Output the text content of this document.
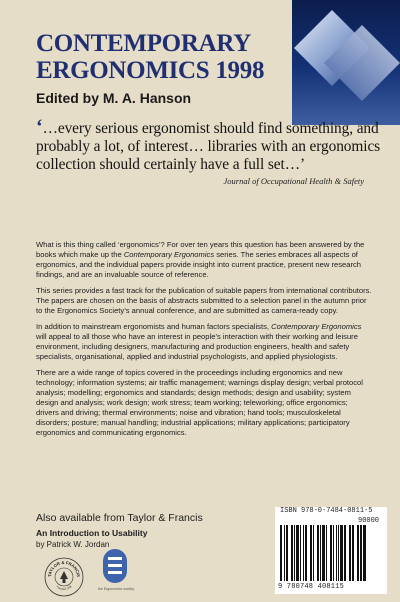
CONTEMPORARY
ERGONOMICS 1998
Edited by M. A. Hanson
‘…every serious ergonomist should find something, and probably a lot, of interest… libraries with an ergonomics collection should certainly have a full set…’
Journal of Occupational Health & Safety

What is this thing called ‘ergonomics’? For over ten years this question has been answered by the books which make up the Contemporary Ergonomics series. The series embraces all aspects of ergonomics, and the individual papers provide insight into current practice, present new research findings, and are an invaluable source of reference.

This series provides a fast track for the publication of suitable papers from international contributors. The papers are chosen on the basis of abstracts submitted to a selection panel in the autumn prior to the Ergonomics Society’s annual conference, and are submitted as camera-ready copy.

In addition to mainstream ergonomists and human factors specialists, Contemporary Ergonomics will appeal to all those who have an interest in people’s interaction with their working and leisure environment, including designers, manufacturing and production engineers, health and safety specialists, organisational, applied and industrial psychologists, and applied physiologists.

There are a wide range of topics covered in the proceedings including ergonomics and new technology; information systems; air traffic management; warnings display design; verbal protocol analysis; modelling; ergonomics and standards; design methods; design and usability; system design and analysis; work design; work stress; team working; teleworking; office ergonomics; drivers and driving; thermal environments; noise and vibration; hand tools; musculoskeletal disorders; posture; manual handling; industrial applications; military applications; participatory ergonomics and communicating ergonomics.

Also available from Taylor & Francis
An Introduction to Usability
by Patrick W. Jordan
TAYLOR & FRANCIS
Founded 1798
the Ergonomics society
ISBN 978-0-7484-0811-5
90000
9 780748 408115
